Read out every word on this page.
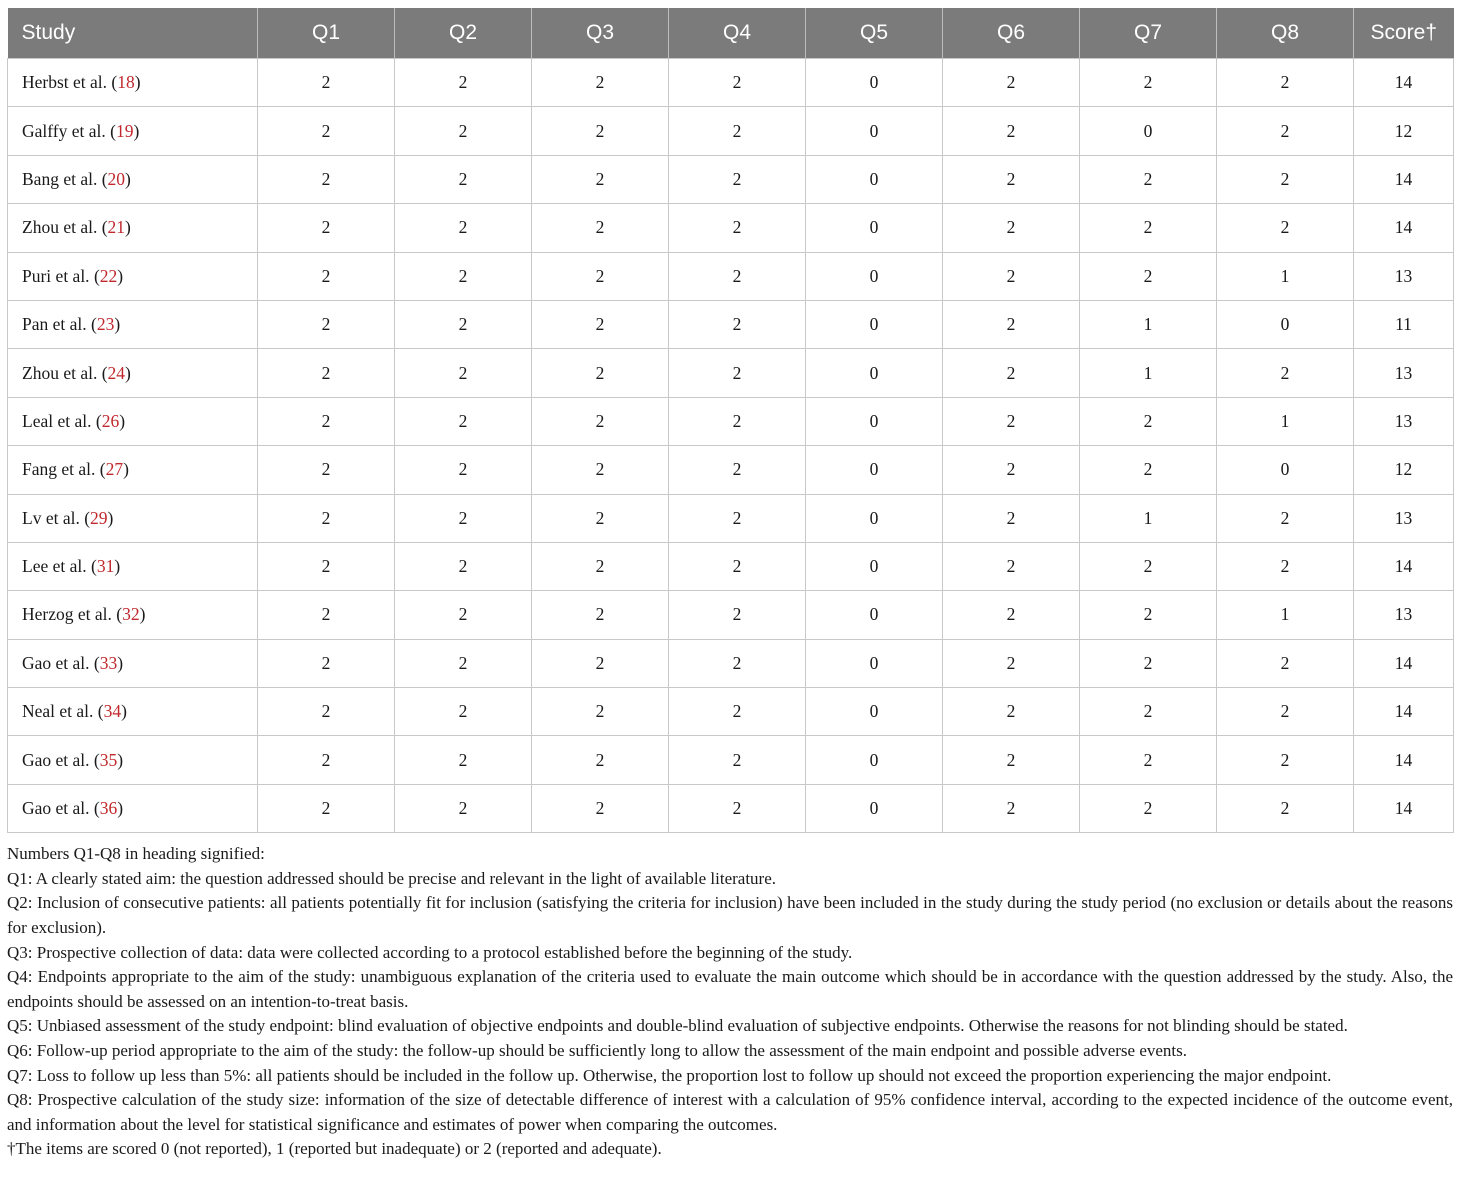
Study	Q1	Q2	Q3	Q4	Q5	Q6	Q7	Q8	Score†
Herbst et al. (18)	2	2	2	2	0	2	2	2	14
Galffy et al. (19)	2	2	2	2	0	2	0	2	12
Bang et al. (20)	2	2	2	2	0	2	2	2	14
Zhou et al. (21)	2	2	2	2	0	2	2	2	14
Puri et al. (22)	2	2	2	2	0	2	2	1	13
Pan et al. (23)	2	2	2	2	0	2	1	0	11
Zhou et al. (24)	2	2	2	2	0	2	1	2	13
Leal et al. (26)	2	2	2	2	0	2	2	1	13
Fang et al. (27)	2	2	2	2	0	2	2	0	12
Lv et al. (29)	2	2	2	2	0	2	1	2	13
Lee et al. (31)	2	2	2	2	0	2	2	2	14
Herzog et al. (32)	2	2	2	2	0	2	2	1	13
Gao et al. (33)	2	2	2	2	0	2	2	2	14
Neal et al. (34)	2	2	2	2	0	2	2	2	14
Gao et al. (35)	2	2	2	2	0	2	2	2	14
Gao et al. (36)	2	2	2	2	0	2	2	2	14

Numbers Q1-Q8 in heading signified:

Q1: A clearly stated aim: the question addressed should be precise and relevant in the light of available literature.

Q2: Inclusion of consecutive patients: all patients potentially fit for inclusion (satisfying the criteria for inclusion) have been included in the study during the study period (no exclusion or details about the reasons for exclusion).

Q3: Prospective collection of data: data were collected according to a protocol established before the beginning of the study.

Q4: Endpoints appropriate to the aim of the study: unambiguous explanation of the criteria used to evaluate the main outcome which should be in accordance with the question addressed by the study. Also, the endpoints should be assessed on an intention-to-treat basis.

Q5: Unbiased assessment of the study endpoint: blind evaluation of objective endpoints and double-blind evaluation of subjective endpoints. Otherwise the reasons for not blinding should be stated.

Q6: Follow-up period appropriate to the aim of the study: the follow-up should be sufficiently long to allow the assessment of the main endpoint and possible adverse events.

Q7: Loss to follow up less than 5%: all patients should be included in the follow up. Otherwise, the proportion lost to follow up should not exceed the proportion experiencing the major endpoint.

Q8: Prospective calculation of the study size: information of the size of detectable difference of interest with a calculation of 95% confidence interval, according to the expected incidence of the outcome event, and information about the level for statistical significance and estimates of power when comparing the outcomes.

†The items are scored 0 (not reported), 1 (reported but inadequate) or 2 (reported and adequate).
